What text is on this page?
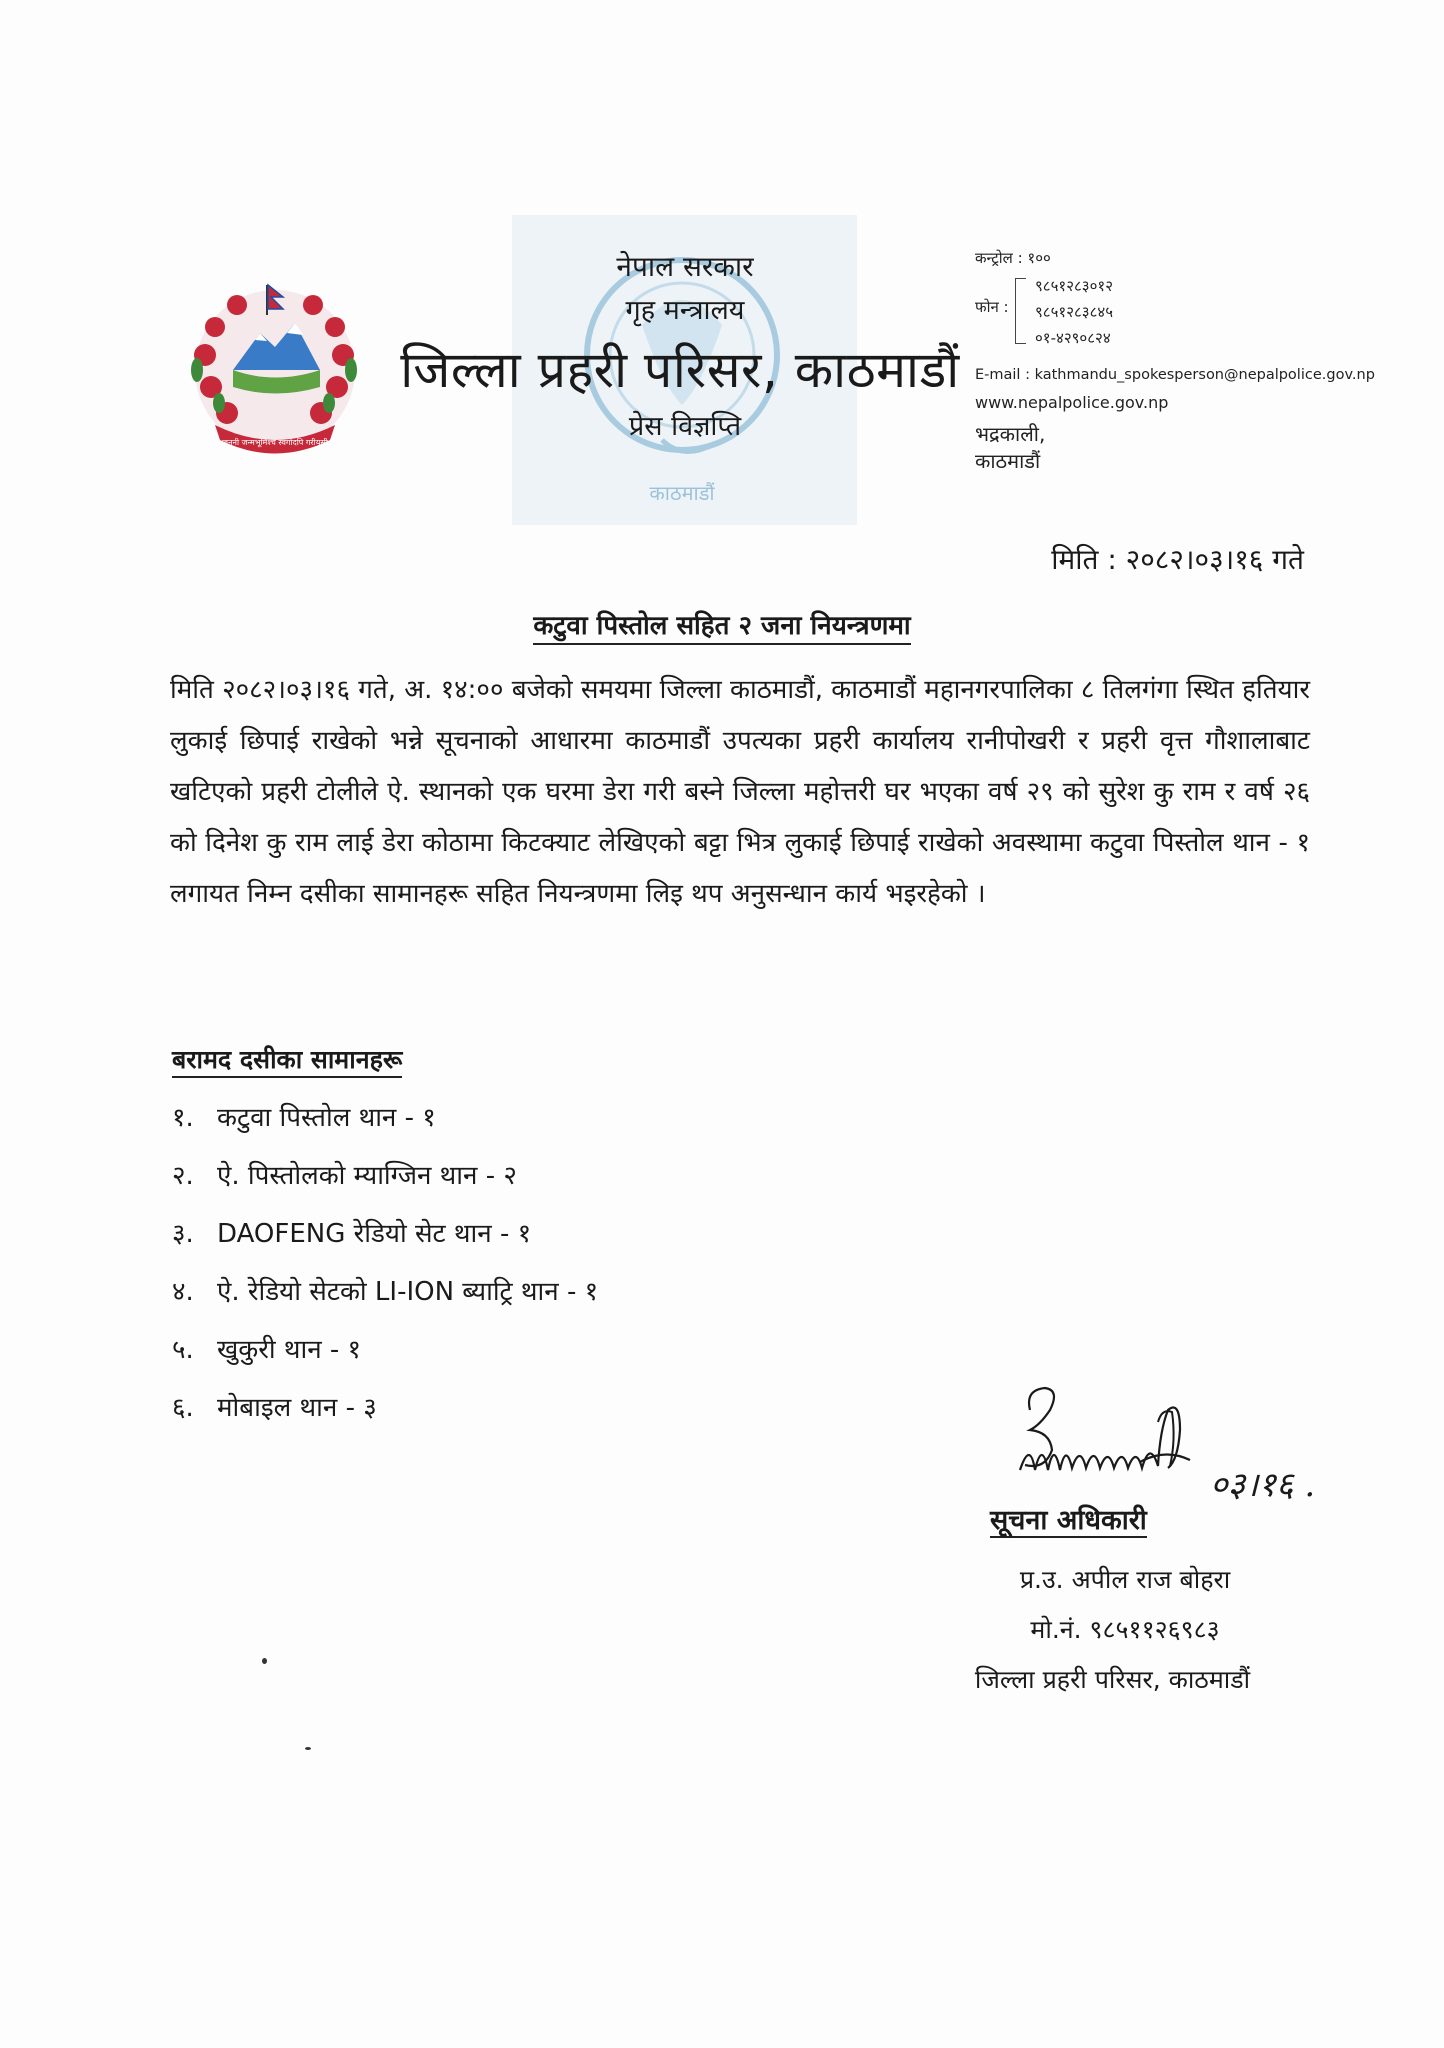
काठमाडौं
जननी जन्मभूमिश्च स्वर्गादपि गरीयसी
नेपाल सरकार
गृह मन्त्रालय
जिल्ला प्रहरी परिसर, काठमाडौं
प्रेस विज्ञप्ति
कन्ट्रोल : १००
फोन :
९८५१२८३०१२
९८५१२८३८४५
०१-४२९०८२४
E-mail : kathmandu_spokesperson@nepalpolice.gov.np
www.nepalpolice.gov.np
भद्रकाली, काठमाडौं
मिति : २०८२।०३।१६ गते
कटुवा पिस्तोल सहित २ जना नियन्त्रणमा
मिति २०८२।०३।१६ गते, अ. १४:०० बजेको समयमा जिल्ला काठमाडौं, काठमाडौं महानगरपालिका ८ तिलगंगा स्थित हतियार लुकाई छिपाई राखेको भन्ने सूचनाको आधारमा काठमाडौं उपत्यका प्रहरी कार्यालय रानीपोखरी र प्रहरी वृत्त गौशालाबाट खटिएको प्रहरी टोलीले ऐ. स्थानको एक घरमा डेरा गरी बस्ने जिल्ला महोत्तरी घर भएका वर्ष २९ को सुरेश कु राम र वर्ष २६ को दिनेश कु राम लाई डेरा कोठामा किटक्याट लेखिएको बट्टा भित्र लुकाई छिपाई राखेको अवस्थामा कटुवा पिस्तोल थान - १ लगायत निम्न दसीका सामानहरू सहित नियन्त्रणमा लिइ थप अनुसन्धान कार्य भइरहेको ।
बरामद दसीका सामानहरू
१. कटुवा पिस्तोल थान - १
२. ऐ. पिस्तोलको म्याग्जिन थान - २
३. DAOFENG रेडियो सेट थान - १
४. ऐ. रेडियो सेटको LI-ION ब्याट्रि थान - १
५. खुकुरी थान - १
६. मोबाइल थान - ३
०३।१६ .
सूचना अधिकारी
प्र.उ. अपील राज बोहरा
मो.नं. ९८५११२६९८३
जिल्ला प्रहरी परिसर, काठमाडौं
